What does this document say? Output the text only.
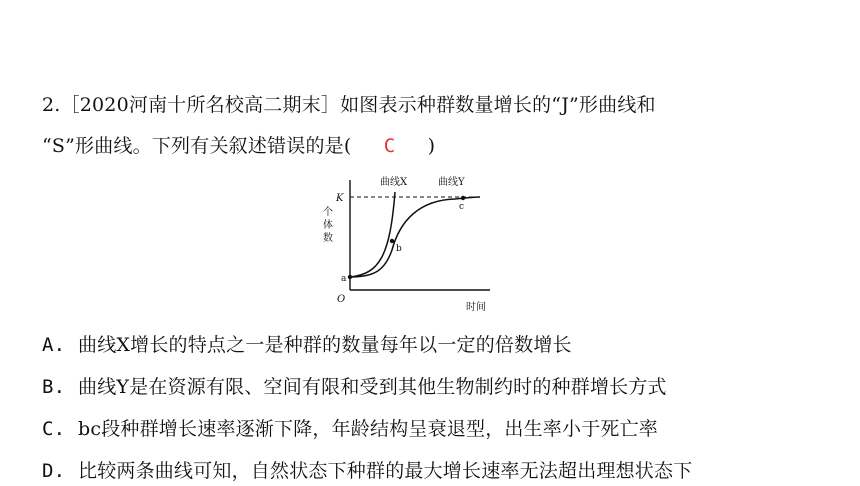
2.［2020河南十所名校高二期末］如图表示种群数量增长的“J”形曲线和
“S”形曲线。下列有关叙述错误的是( C )
曲线X	曲线Y
K
O
个
体
数
时间
a
b
c
A. 曲线X增长的特点之一是种群的数量每年以一定的倍数增长
B. 曲线Y是在资源有限、空间有限和受到其他生物制约时的种群增长方式
C. bc段种群增长速率逐渐下降，年龄结构呈衰退型，出生率小于死亡率
D. 比较两条曲线可知，自然状态下种群的最大增长速率无法超出理想状态下
